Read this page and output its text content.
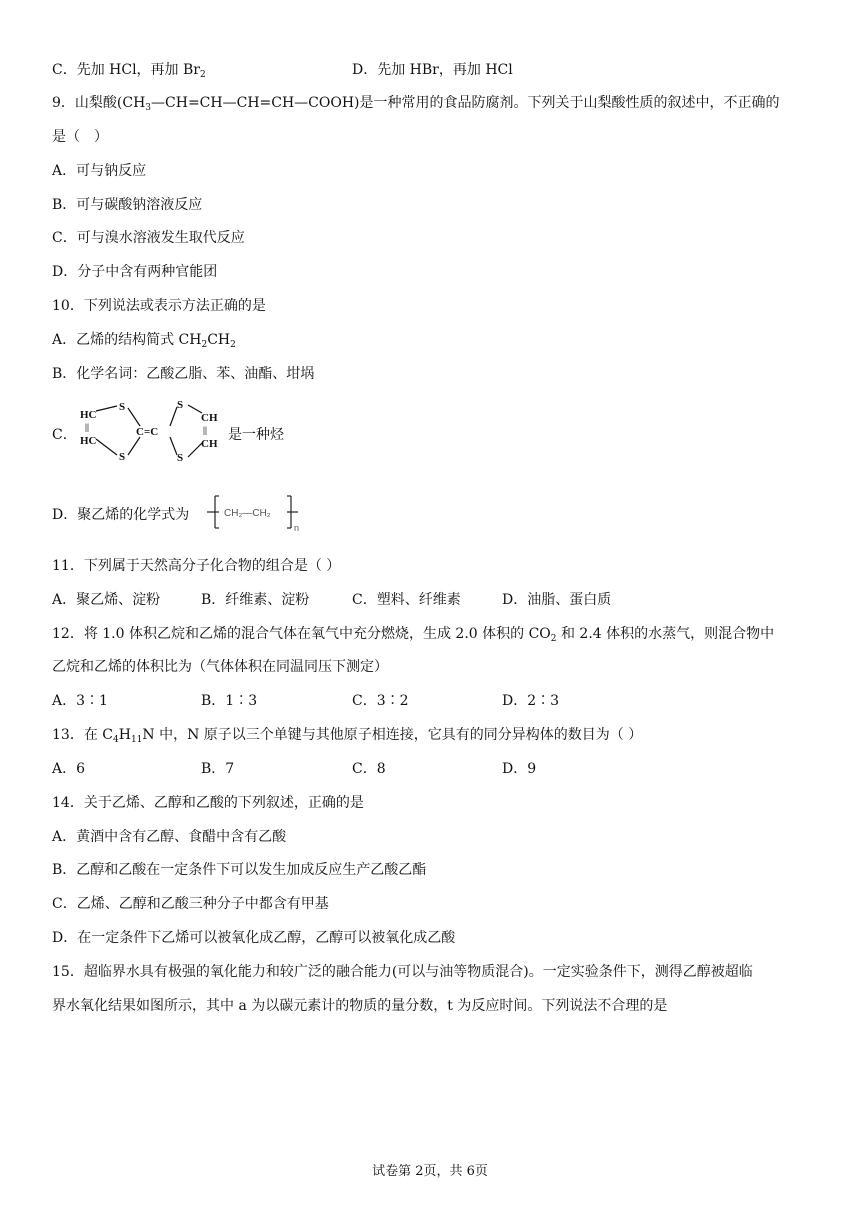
C．先加 HCl，再加 $Br_2$	D．先加 HBr，再加 HCl
9．山梨酸$(CH_3—CH=CH—CH=CH—COOH)$是一种常用的食品防腐剂。下列关于山梨酸性质的叙述中，不正确的
是（　）
A．可与钠反应
B．可与碳酸钠溶液反应
C．可与溴水溶液发生取代反应
D．分子中含有两种官能团
10．下列说法或表示方法正确的是
A．乙烯的结构简式 $CH_2CH_2$
B．化学名词：乙酸乙脂、苯、油酯、坩埚
C．
HC
||
HC
S
S
C=C
S
S
CH
||
CH
是一种烃
D．聚乙烯的化学式为	CH₂—CH₂
n
11．下列属于天然高分子化合物的组合是（ ）
A．聚乙烯、淀粉	B．纤维素、淀粉	C．塑料、纤维素	D．油脂、蛋白质
12．将 1.0 体积乙烷和乙烯的混合气体在氧气中充分燃烧，生成 2.0 体积的 $CO_2$ 和 2.4 体积的水蒸气，则混合物中
乙烷和乙烯的体积比为（气体体积在同温同压下测定）
A．3∶1	B．1∶3	C．3∶2	D．2∶3
13．在 $C_4H_{11}N$ 中，N 原子以三个单键与其他原子相连接，它具有的同分异构体的数目为（ ）
A．6	B．7	C．8	D．9
14．关于乙烯、乙醇和乙酸的下列叙述，正确的是
A．黄酒中含有乙醇、食醋中含有乙酸
B．乙醇和乙酸在一定条件下可以发生加成反应生产乙酸乙酯
C．乙烯、乙醇和乙酸三种分子中都含有甲基
D．在一定条件下乙烯可以被氧化成乙醇，乙醇可以被氧化成乙酸
15．超临界水具有极强的氧化能力和较广泛的融合能力(可以与油等物质混合)。一定实验条件下，测得乙醇被超临
界水氧化结果如图所示，其中 a 为以碳元素计的物质的量分数，t 为反应时间。下列说法不合理的是
试卷第 2页，共 6页
